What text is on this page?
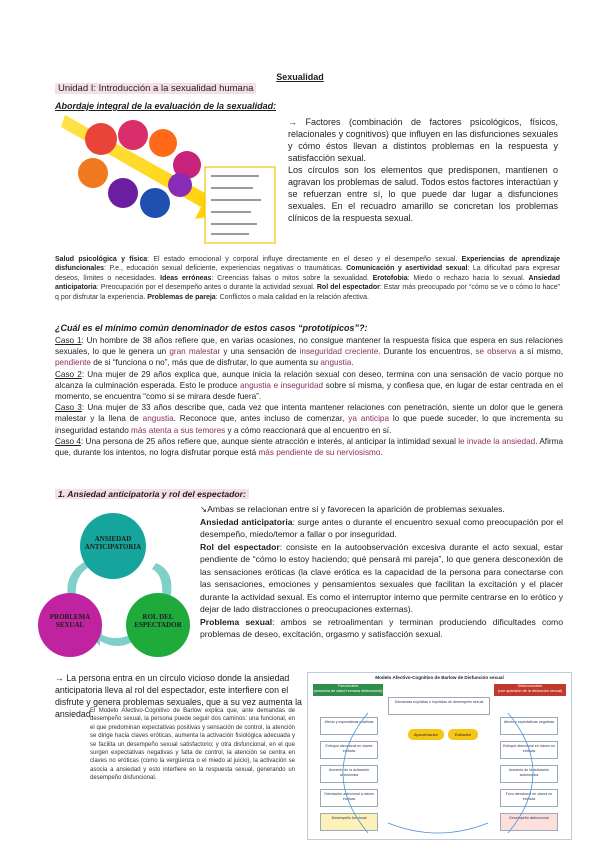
Sexualidad
Unidad I: Introducción a la sexualidad humana
Abordaje integral de la evaluación de la sexualidad:
→ Factores (combinación de factores psicológicos, físicos, relacionales y cognitivos) que influyen en las disfunciones sexuales y cómo éstos llevan a distintos problemas en la respuesta y satisfacción sexual.
Los círculos son los elementos que predisponen, mantienen o agravan los problemas de salud. Todos estos factores interactúan y se refuerzan entre sí, lo que puede dar lugar a disfunciones sexuales. En el recuadro amarillo se concretan los problemas clínicos de la respuesta sexual.
Salud psicológica y física: El estado emocional y corporal influye directamente en el deseo y el desempeño sexual. Experiencias de aprendizaje disfuncionales: P.e., educación sexual deficiente, experiencias negativas o traumáticas. Comunicación y asertividad sexual: La dificultad para expresar deseos, límites o necesidades. Ideas erróneas: Creencias falsas o mitos sobre la sexualidad. Erotofobia: Miedo o rechazo hacia lo sexual. Ansiedad anticipatoria: Preocupación por el desempeño antes o durante la actividad sexual. Rol del espectador: Estar más preocupado por “cómo se ve o cómo lo hace” q por disfrutar la experiencia. Problemas de pareja: Conflictos o mala calidad en la relación afectiva.
¿Cuál es el mínimo común denominador de estos casos “prototípicos”?:

Caso 1: Un hombre de 38 años refiere que, en varias ocasiones, no consigue mantener la respuesta física que espera en sus relaciones sexuales, lo que le genera un gran malestar y una sensación de inseguridad creciente. Durante los encuentros, se observa a sí mismo, pendiente de si “funciona o no”, más que de disfrutar, lo que aumenta su angustia.

Caso 2: Una mujer de 29 años explica que, aunque inicia la relación sexual con deseo, termina con una sensación de vacío porque no alcanza la culminación esperada. Esto le produce angustia e inseguridad sobre sí misma, y confiesa que, en lugar de estar centrada en el momento, se encuentra “como si se mirara desde fuera”.

Caso 3: Una mujer de 33 años describe que, cada vez que intenta mantener relaciones con penetración, siente un dolor que le genera malestar y la llena de angustia. Reconoce que, antes incluso de comenzar, ya anticipa lo que puede suceder, lo que incrementa su inseguridad estando más atenta a sus temores y a cómo reaccionará que al encuentro en sí.

Caso 4: Una persona de 25 años refiere que, aunque siente atracción e interés, al anticipar la intimidad sexual le invade la ansiedad. Afirma que, durante los intentos, no logra disfrutar porque está más pendiente de su nerviosismo.

1. Ansiedad anticipatoria y rol del espectador:
ANSIEDAD ANTICIPATORIA
ROL DEL ESPECTADOR
PROBLEMA SEXUAL

↘Ambas se relacionan entre sí y favorecen la aparición de problemas sexuales.

Ansiedad anticipatoria: surge antes o durante el encuentro sexual como preocupación por el desempeño, miedo/temor a fallar o por inseguridad.

Rol del espectador: consiste en la autoobservación excesiva durante el acto sexual, estar pendiente de “cómo lo estoy haciendo; qué pensará mi pareja”, lo que genera desconexión de las sensaciones eróticas (la clave erótica es la capacidad de la persona para conectarse con las sensaciones, emociones y pensamientos sexuales que facilitan la excitación y el placer durante la actividad sexual. Es como el interruptor interno que permite centrarse en lo erótico y dejar de lado distracciones o preocupaciones externas).

Problema sexual: ambos se retroalimentan y terminan produciendo dificultades como problemas de deseo, excitación, orgasmo y satisfacción sexual.

→ La persona entra en un círculo vicioso donde la ansiedad anticipatoria lleva al rol del espectador, este interfiere con el disfrute y genera problemas sexuales, que a su vez aumenta la ansiedad.
El Modelo Afectivo-Cognitivo de Barlow explica que, ante demandas de desempeño sexual, la persona puede seguir dos caminos: una funcional, en el que predominan expectativas positivas y sensación de control, la atención se dirige hacia claves eróticas, aumenta la activación fisiológica adecuada y se facilita un desempeño sexual satisfactorio; y otra disfuncional, en el que surgen expectativas negativas y falta de control, la atención se centra en claves no eróticas (como la vergüenza o el miedo al juicio), la activación se asocia a ansiedad y esto interfiere en la respuesta sexual, generando un desempeño disfuncional.
Modelo Afectivo-Cognitivo de Barlow de Disfunción sexual
Funcionales
(ausencia de salud humana disfuncional)
Disfuncionales
(con aparición de la disfunción sexual)
Demandas explícitas o implícitas de desempeño sexual
Aproximación	Evitación
Afecto y expectativas positivas
Enfoque atencional en claves eróticas
Aumento de la activación autonómica
Orientación atencional a claves eróticas
Desempeño funcional
Afecto y expectativas negativas
Enfoque atencional en claves no eróticas
Aumento de la activación autonómica
Foco atencional en claves no eróticas
Desempeño disfuncional
